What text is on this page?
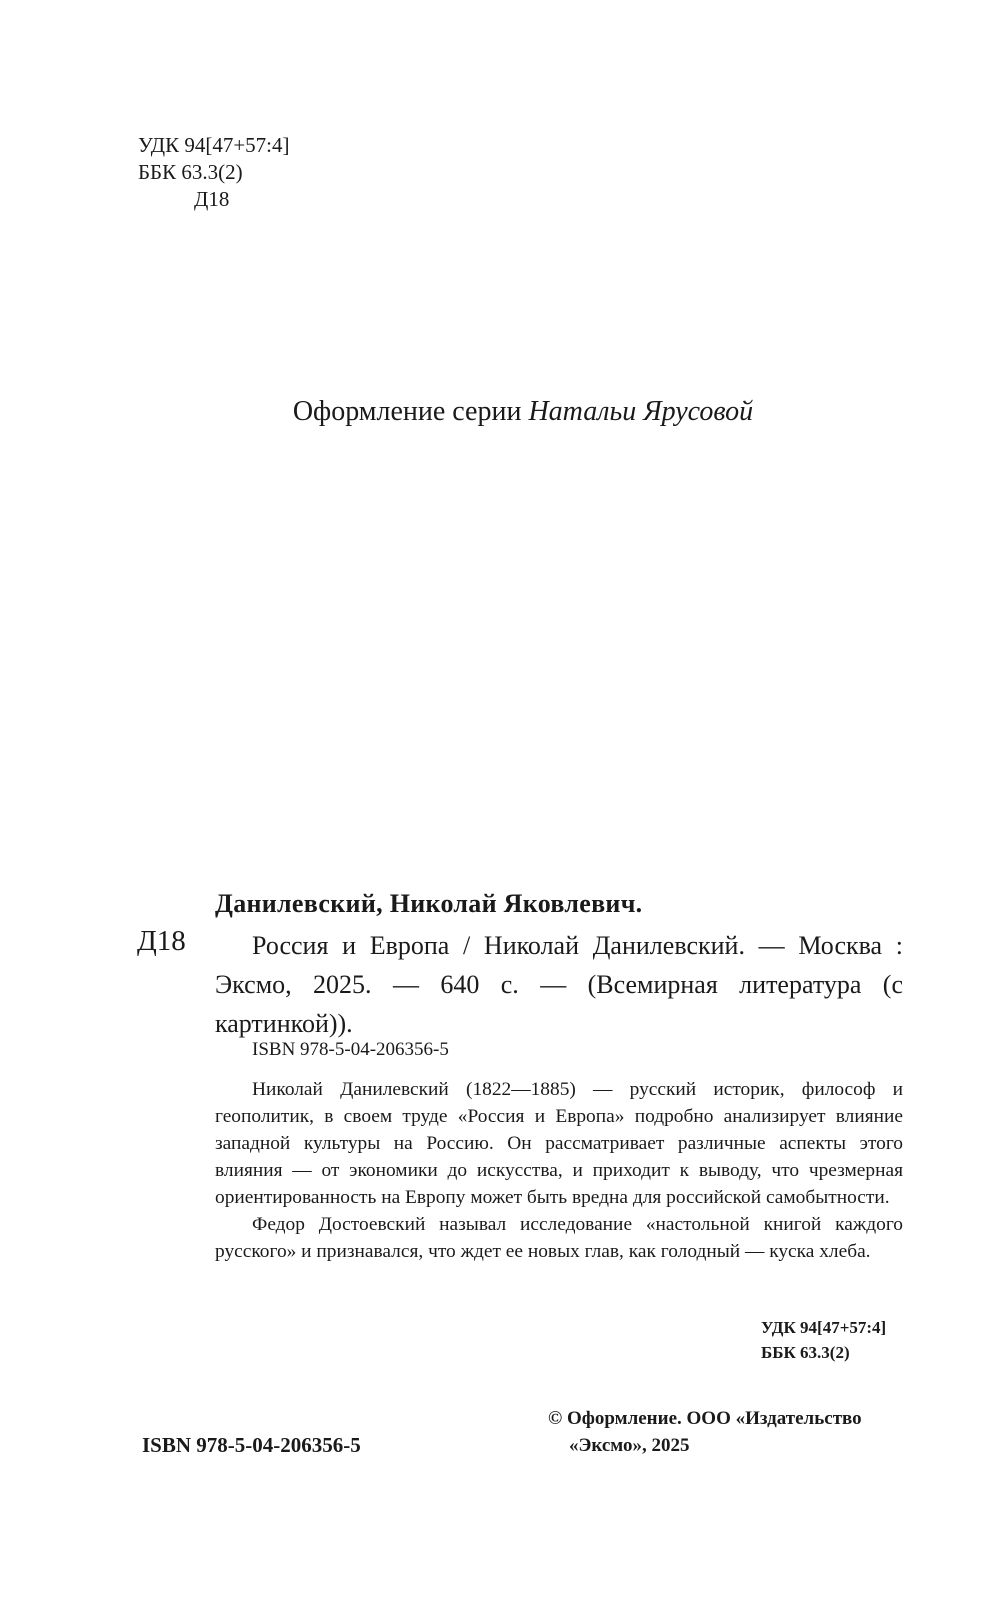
УДК 94[47+57:4]
ББК 63.3(2)
Д18
Оформление серии Натальи Ярусовой
Д18
Данилевский, Николай Яковлевич.

Россия и Европа / Николай Данилевский. — Москва : Эксмо, 2025. — 640 с. — (Всемирная литература (с картинкой)).

ISBN 978-5-04-206356-5

Николай Данилевский (1822—1885) — русский историк, философ и геополитик, в своем труде «Россия и Европа» подробно анализирует влияние западной культуры на Россию. Он рассматривает различные аспекты этого влияния — от экономики до искусства, и приходит к выводу, что чрезмерная ориентированность на Европу может быть вредна для российской самобытности.

Федор Достоевский называл исследование «настольной книгой каждого русского» и признавался, что ждет ее новых глав, как голодный — куска хлеба.

УДК 94[47+57:4]
ББК 63.3(2)
ISBN 978-5-04-206356-5
© Оформление. ООО «Издательство
«Эксмо», 2025
